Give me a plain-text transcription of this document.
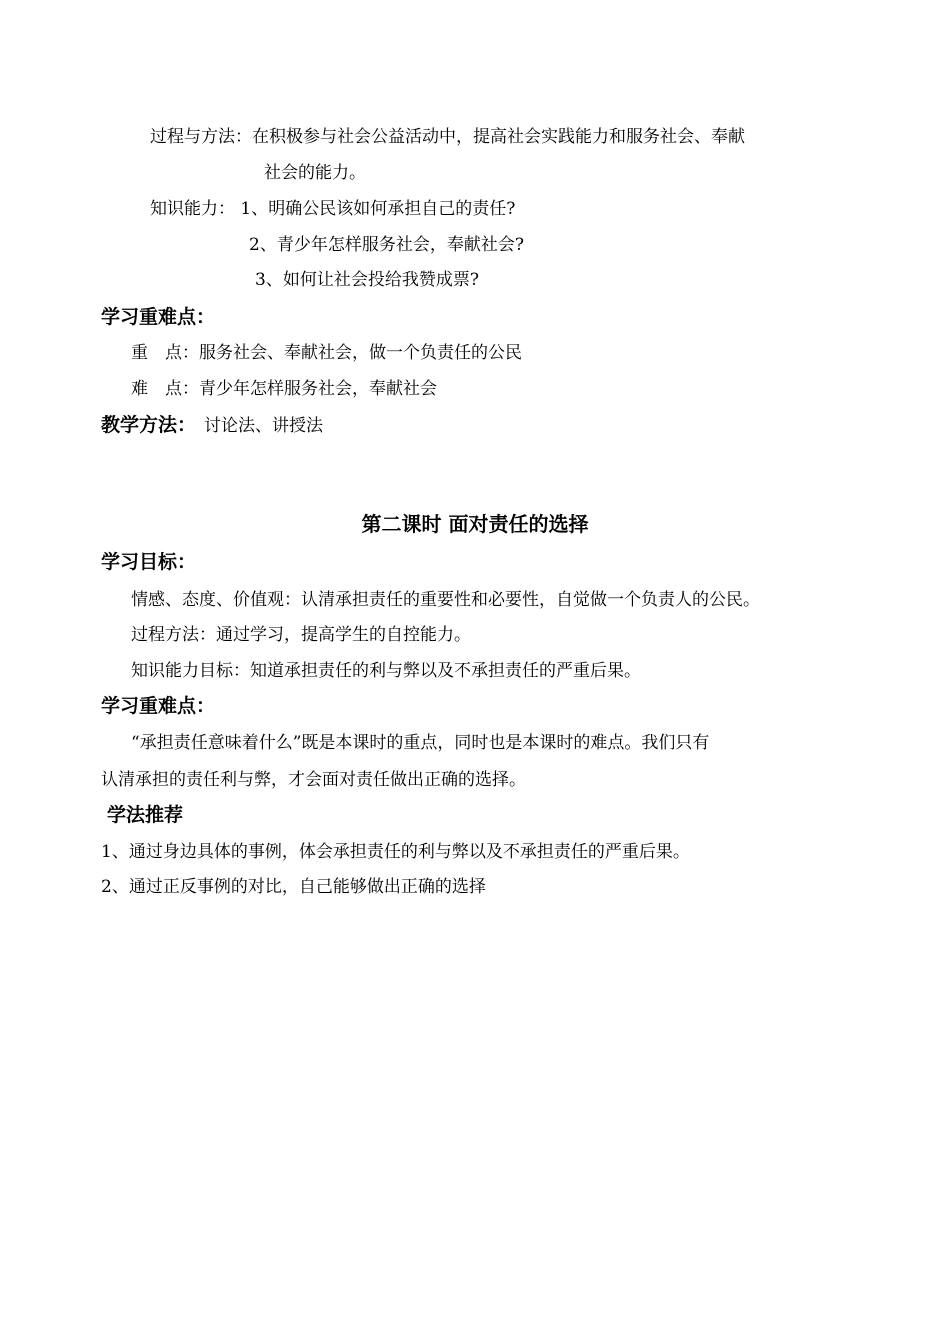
过程与方法：在积极参与社会公益活动中，提高社会实践能力和服务社会、奉献
社会的能力。
知识能力： 1、明确公民该如何承担自己的责任?
2、青少年怎样服务社会，奉献社会?
3、如何让社会投给我赞成票?
学习重难点：
重　点：服务社会、奉献社会，做一个负责任的公民
难　点：青少年怎样服务社会，奉献社会
教学方法： 讨论法、讲授法
第二课时 面对责任的选择
学习目标：
情感、态度、价值观：认清承担责任的重要性和必要性，自觉做一个负责人的公民。
过程方法：通过学习，提高学生的自控能力。
知识能力目标：知道承担责任的利与弊以及不承担责任的严重后果。
学习重难点：
“承担责任意味着什么”既是本课时的重点，同时也是本课时的难点。我们只有
认清承担的责任利与弊，才会面对责任做出正确的选择。
学法推荐
1、通过身边具体的事例，体会承担责任的利与弊以及不承担责任的严重后果。
2、通过正反事例的对比，自己能够做出正确的选择
